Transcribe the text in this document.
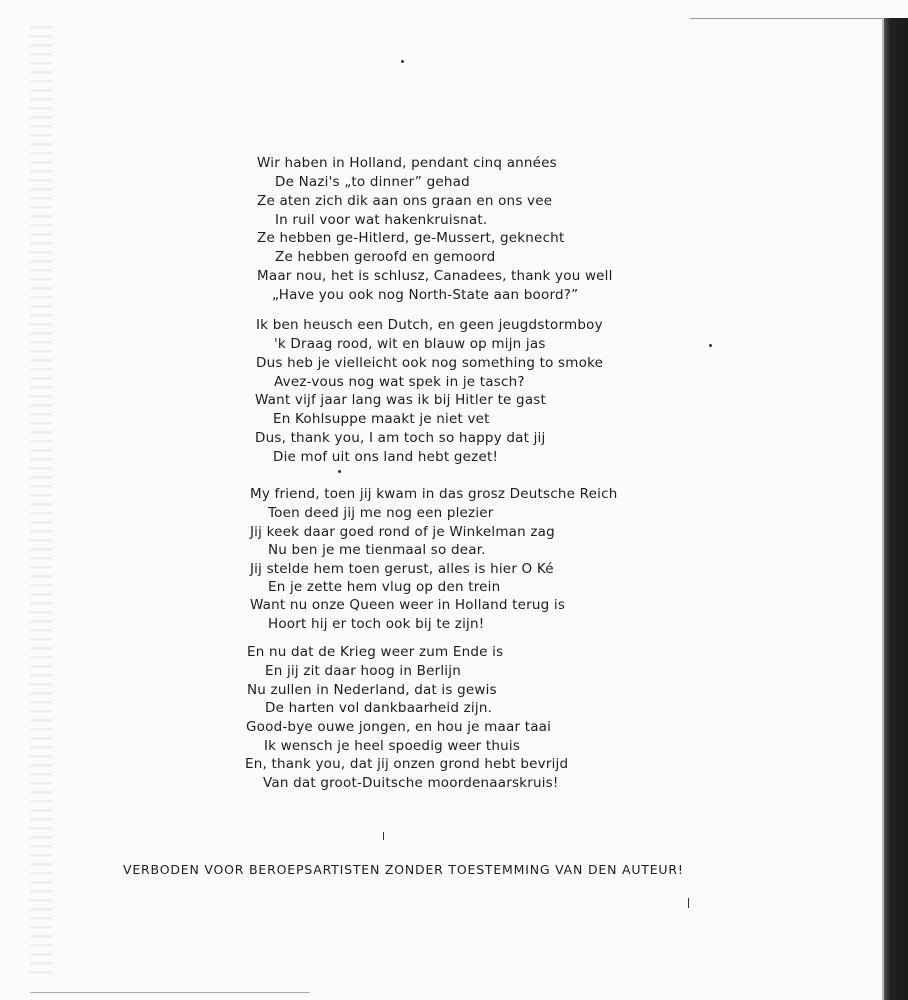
Wir haben in Holland, pendant cinq années
De Nazi's „to dinner” gehad
Ze aten zich dik aan ons graan en ons vee
In ruil voor wat hakenkruisnat.
Ze hebben ge-Hitlerd, ge-Mussert, geknecht
Ze hebben geroofd en gemoord
Maar nou, het is schlusz, Canadees, thank you well
„Have you ook nog North-State aan boord?”
Ik ben heusch een Dutch, en geen jeugdstormboy
'k Draag rood, wit en blauw op mijn jas
Dus heb je vielleicht ook nog something to smoke
Avez-vous nog wat spek in je tasch?
Want vijf jaar lang was ik bij Hitler te gast
En Kohlsuppe maakt je niet vet
Dus, thank you, I am toch so happy dat jij
Die mof uit ons land hebt gezet!
My friend, toen jij kwam in das grosz Deutsche Reich
Toen deed jij me nog een plezier
Jij keek daar goed rond of je Winkelman zag
Nu ben je me tienmaal so dear.
Jij stelde hem toen gerust, alles is hier O Ké
En je zette hem vlug op den trein
Want nu onze Queen weer in Holland terug is
Hoort hij er toch ook bij te zijn!
En nu dat de Krieg weer zum Ende is
En jij zit daar hoog in Berlijn
Nu zullen in Nederland, dat is gewis
De harten vol dankbaarheid zijn.
Good-bye ouwe jongen, en hou je maar taai
Ik wensch je heel spoedig weer thuis
En, thank you, dat jij onzen grond hebt bevrijd
Van dat groot-Duitsche moordenaarskruis!
VERBODEN VOOR BEROEPSARTISTEN ZONDER TOESTEMMING VAN DEN AUTEUR!
